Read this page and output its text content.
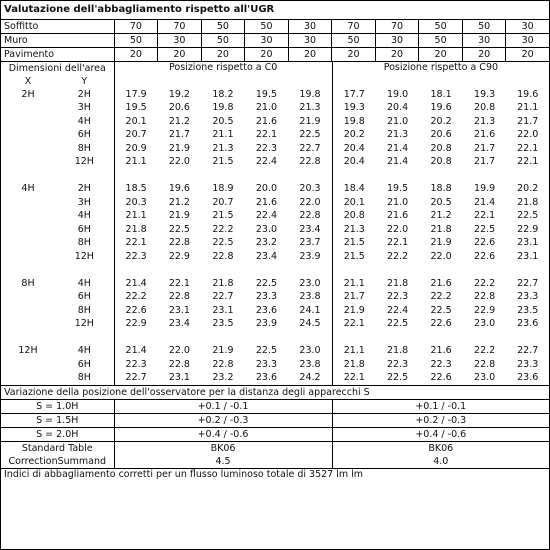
Valutazione dell'abbagliamento rispetto all'UGR
Soffitto	70	70	50	50	30	70	70	50	50	30
Muro	50	30	50	30	30	50	30	50	30	30
Pavimento	20	20	20	20	20	20	20	20	20	20
Dimensioni dell'area		Posizione rispetto a C0					Posizione rispetto a C90				
X	Y										
2H	2H	17.9	19.2	18.2	19.5	19.8	17.7	19.0	18.1	19.3	19.6
	3H	19.5	20.6	19.8	21.0	21.3	19.3	20.4	19.6	20.8	21.1
	4H	20.1	21.2	20.5	21.6	21.9	19.8	21.0	20.2	21.3	21.7
	6H	20.7	21.7	21.1	22.1	22.5	20.2	21.3	20.6	21.6	22.0
	8H	20.9	21.9	21.3	22.3	22.7	20.4	21.4	20.8	21.7	22.1
	12H	21.1	22.0	21.5	22.4	22.8	20.4	21.4	20.8	21.7	22.1

4H	2H	18.5	19.6	18.9	20.0	20.3	18.4	19.5	18.8	19.9	20.2
	3H	20.3	21.2	20.7	21.6	22.0	20.1	21.0	20.5	21.4	21.8
	4H	21.1	21.9	21.5	22.4	22.8	20.8	21.6	21.2	22.1	22.5
	6H	21.8	22.5	22.2	23.0	23.4	21.3	22.0	21.8	22.5	22.9
	8H	22.1	22.8	22.5	23.2	23.7	21.5	22.1	21.9	22.6	23.1
	12H	22.3	22.9	22.8	23.4	23.9	21.5	22.2	22.0	22.6	23.1

8H	4H	21.4	22.1	21.8	22.5	23.0	21.1	21.8	21.6	22.2	22.7
	6H	22.2	22.8	22.7	23.3	23.8	21.7	22.3	22.2	22.8	23.3
	8H	22.6	23.1	23.1	23.6	24.1	21.9	22.4	22.5	22.9	23.5
	12H	22.9	23.4	23.5	23.9	24.5	22.1	22.5	22.6	23.0	23.6

12H	4H	21.4	22.0	21.9	22.5	23.0	21.1	21.8	21.6	22.2	22.7
	6H	22.3	22.8	22.8	23.3	23.8	21.8	22.3	22.3	22.8	23.3
	8H	22.7	23.1	23.2	23.6	24.2	22.1	22.5	22.6	23.0	23.6
Variazione della posizione dell'osservatore per la distanza degli apparecchi S		
S = 1.0H	+0.1 / -0.1	+0.1 / -0.1
S = 1.5H	+0.2 / -0.3	+0.2 / -0.3
S = 2.0H	+0.4 / -0.6	+0.4 / -0.6
Standard Table	BK06	BK06
CorrectionSummand	4.5	4.0
Indici di abbagliamento corretti per un flusso luminoso totale di 3527 lm lm
